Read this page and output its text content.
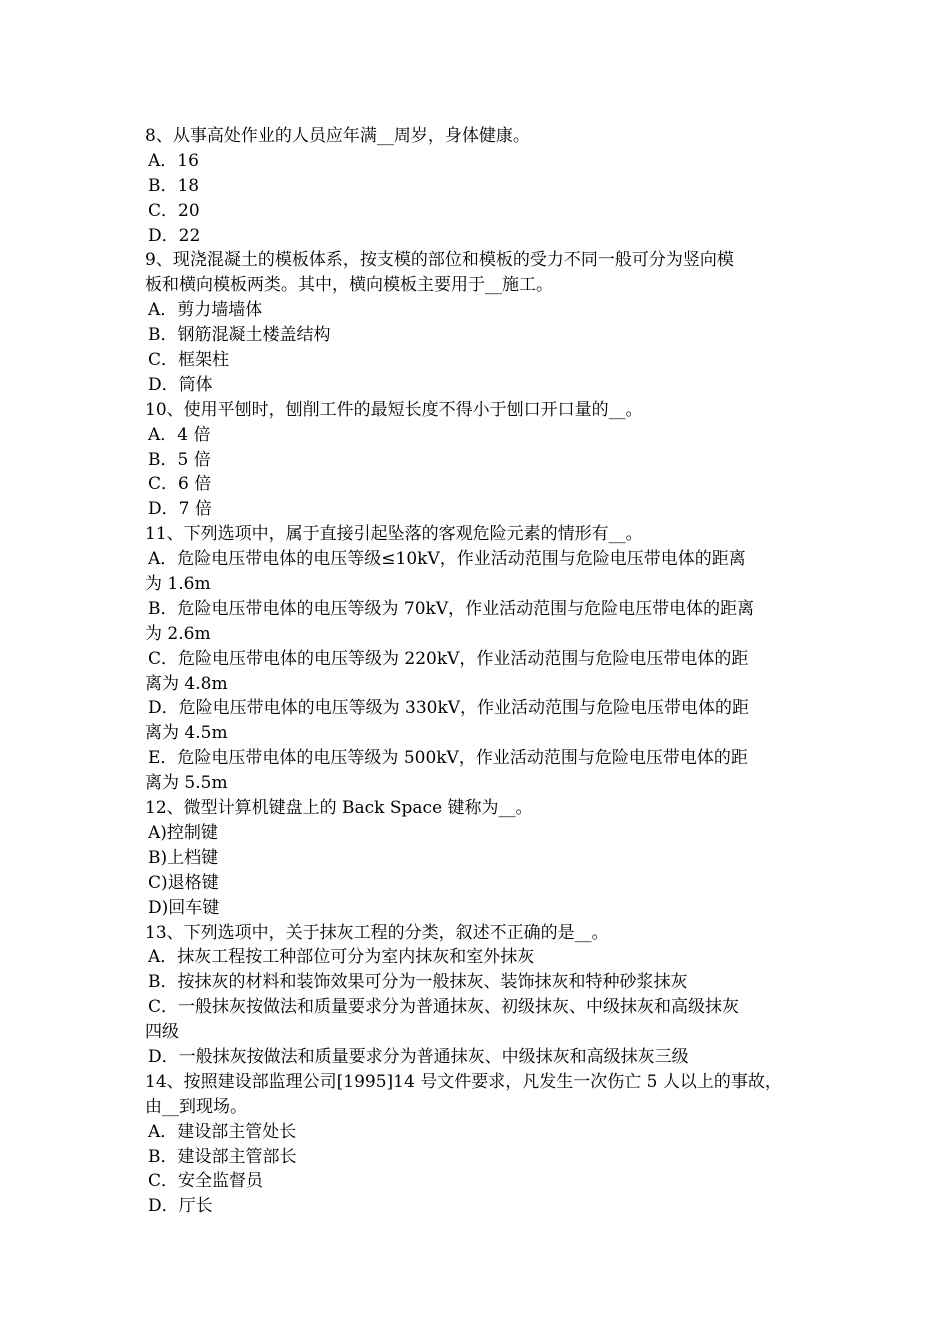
8、从事高处作业的人员应年满__周岁，身体健康。
A．16
B．18
C．20
D．22
9、现浇混凝土的模板体系，按支模的部位和模板的受力不同一般可分为竖向模
板和横向模板两类。其中，横向模板主要用于__施工。
A．剪力墙墙体
B．钢筋混凝土楼盖结构
C．框架柱
D．筒体
10、使用平刨时，刨削工件的最短长度不得小于刨口开口量的__。
A．4 倍
B．5 倍
C．6 倍
D．7 倍
11、下列选项中，属于直接引起坠落的客观危险元素的情形有__。
A．危险电压带电体的电压等级≤10kV，作业活动范围与危险电压带电体的距离
为 1.6m
B．危险电压带电体的电压等级为 70kV，作业活动范围与危险电压带电体的距离
为 2.6m
C．危险电压带电体的电压等级为 220kV，作业活动范围与危险电压带电体的距
离为 4.8m
D．危险电压带电体的电压等级为 330kV，作业活动范围与危险电压带电体的距
离为 4.5m
E．危险电压带电体的电压等级为 500kV，作业活动范围与危险电压带电体的距
离为 5.5m
12、微型计算机键盘上的 Back Space 键称为__。
A)控制键
B)上档键
C)退格键
D)回车键
13、下列选项中，关于抹灰工程的分类，叙述不正确的是__。
A．抹灰工程按工种部位可分为室内抹灰和室外抹灰
B．按抹灰的材料和装饰效果可分为一般抹灰、装饰抹灰和特种砂浆抹灰
C．一般抹灰按做法和质量要求分为普通抹灰、初级抹灰、中级抹灰和高级抹灰
四级
D．一般抹灰按做法和质量要求分为普通抹灰、中级抹灰和高级抹灰三级
14、按照建设部监理公司[1995]14 号文件要求，凡发生一次伤亡 5 人以上的事故，
由__到现场。
A．建设部主管处长
B．建设部主管部长
C．安全监督员
D．厅长
